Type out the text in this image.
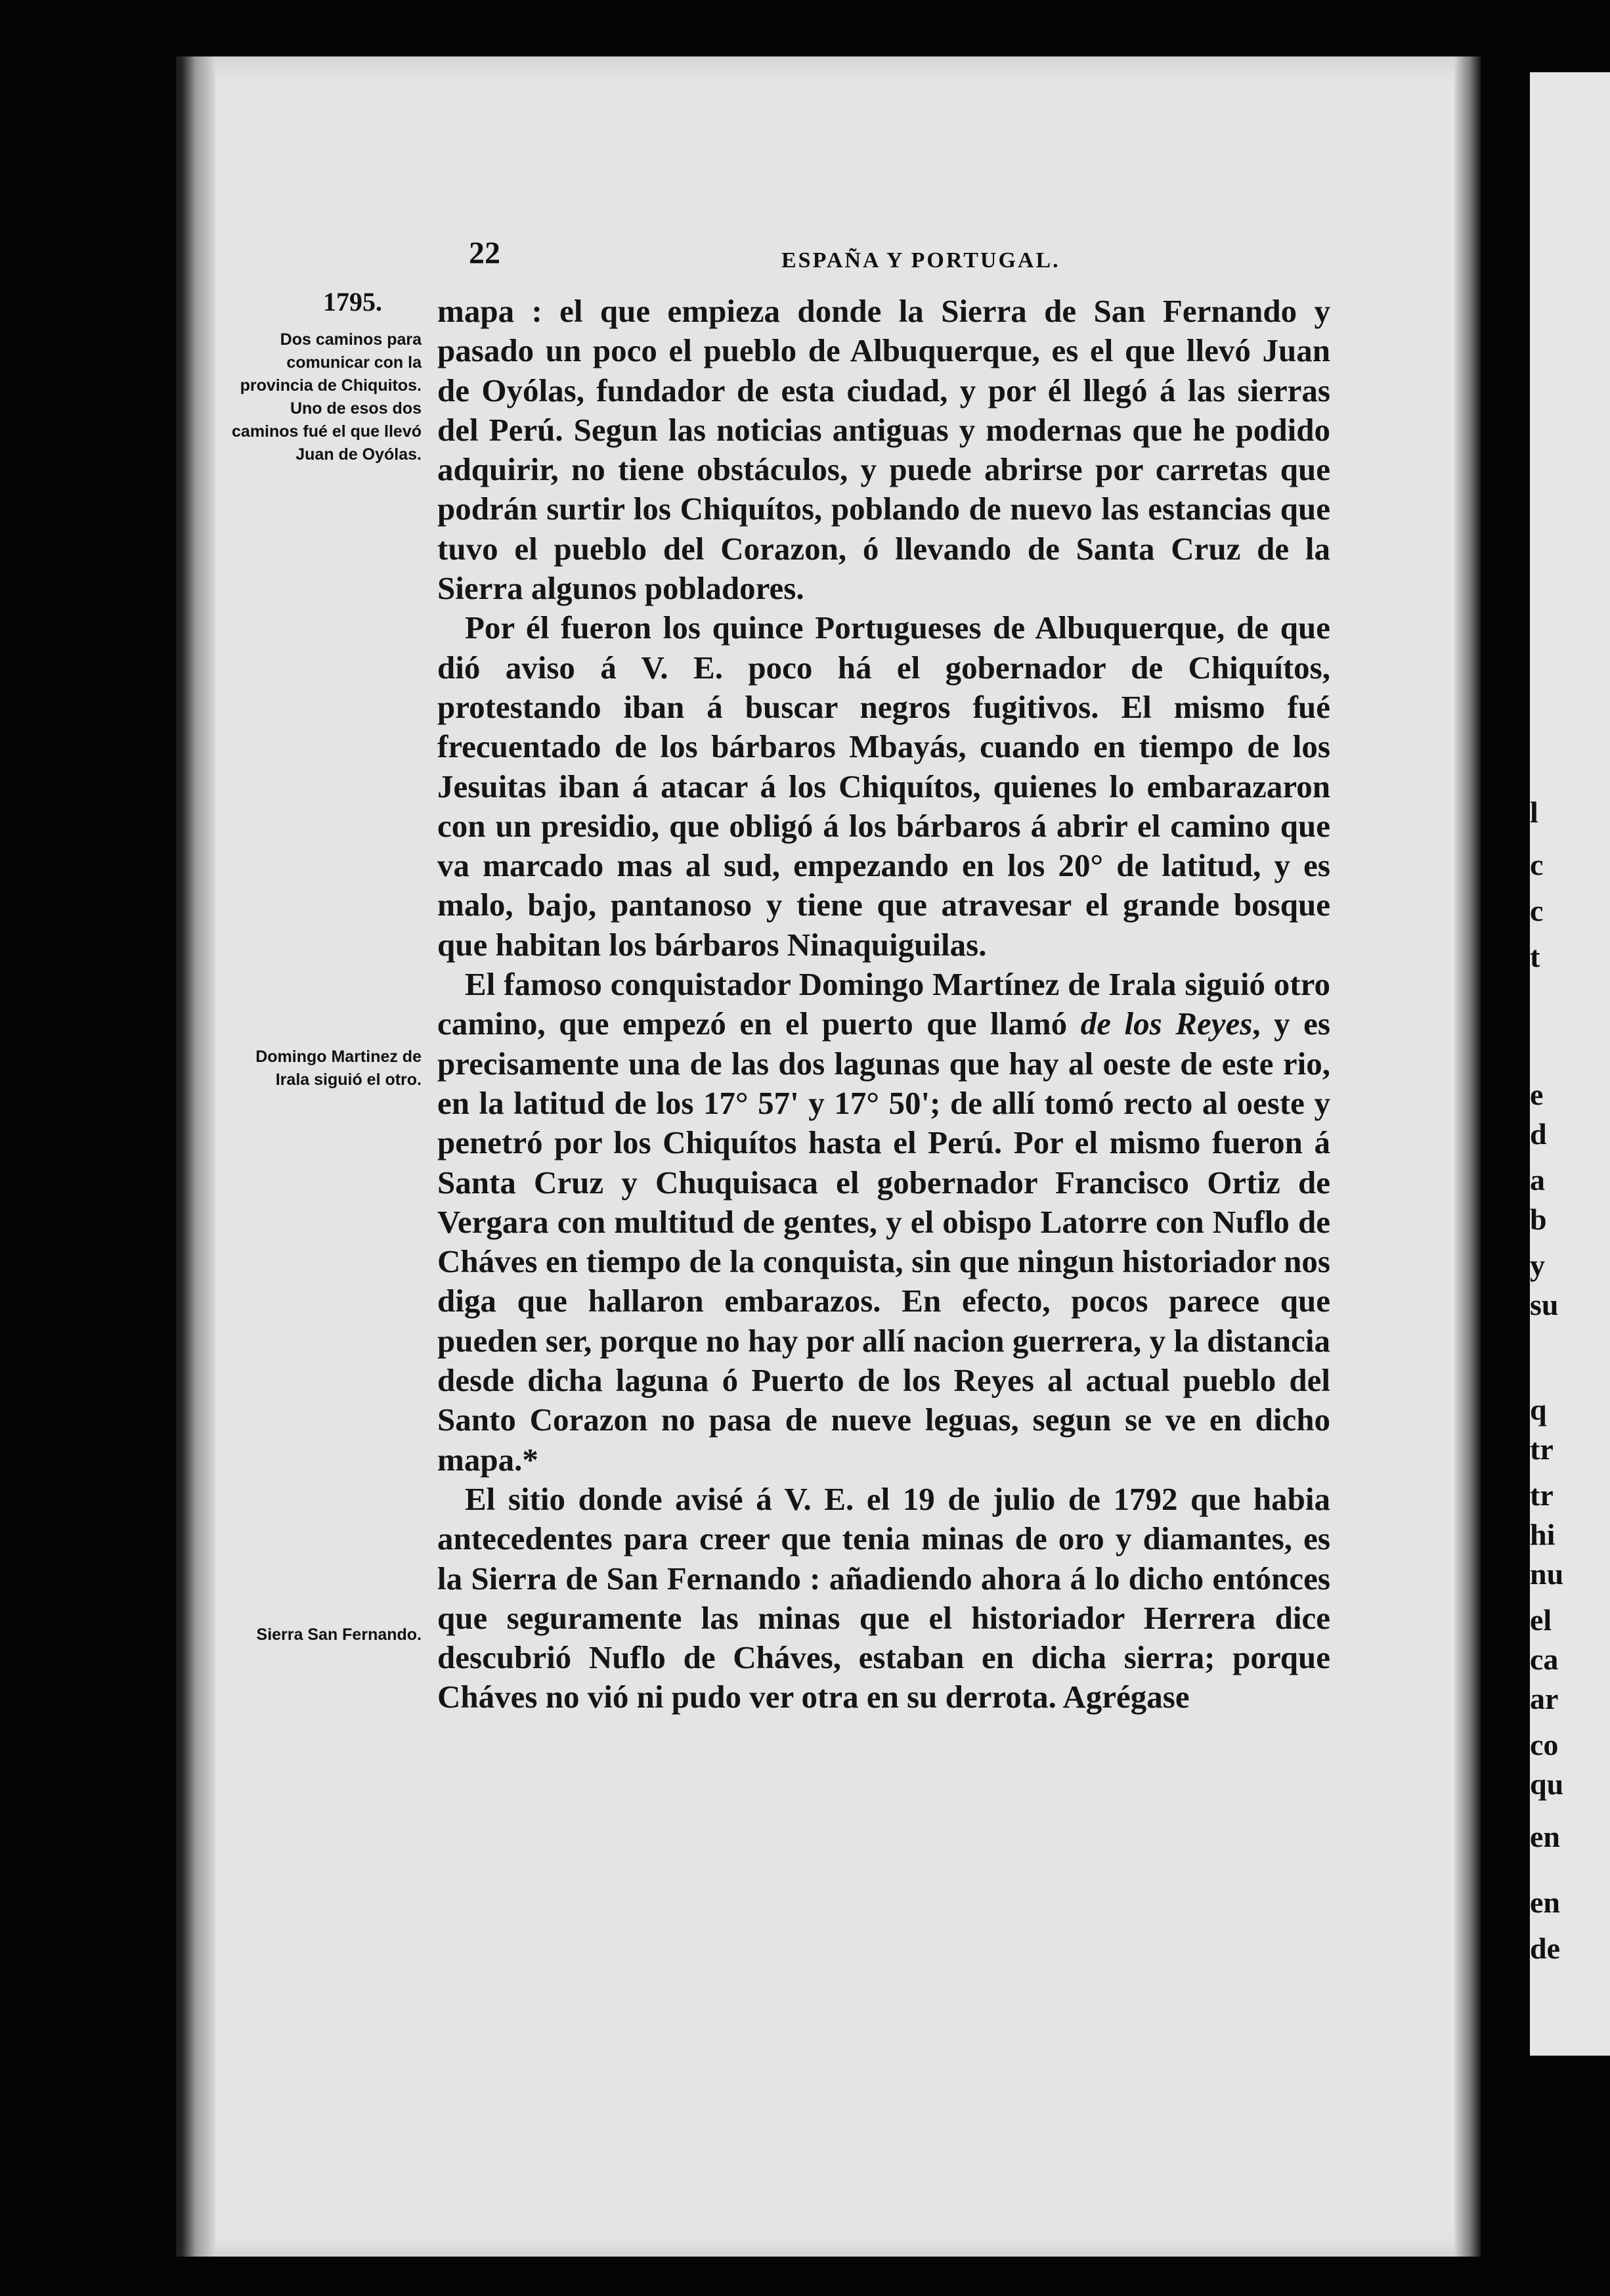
l
c
c
t
e
d
a
b
y
su
q
tr
tr
hi
nu
el
ca
ar
co
qu
en
en
de
22	ESPAÑA Y PORTUGAL.
1795.
Dos caminos para comunicar con la provincia de Chiquitos. Uno de esos dos caminos fué el que llevó Juan de Oyólas.
Domingo Martinez de Irala siguió el otro.
Sierra San Fernando.

mapa : el que empieza donde la Sierra de San Fernando y pasado un poco el pueblo de Albuquerque, es el que llevó Juan de Oyólas, fundador de esta ciudad, y por él llegó á las sierras del Perú. Segun las noticias antiguas y modernas que he podido adquirir, no tiene obstáculos, y puede abrirse por carretas que podrán surtir los Chiquítos, poblando de nuevo las estancias que tuvo el pueblo del Corazon, ó llevando de Santa Cruz de la Sierra algunos pobladores.

Por él fueron los quince Portugueses de Albuquerque, de que dió aviso á V. E. poco há el gobernador de Chiquítos, protestando iban á buscar negros fugitivos. El mismo fué frecuentado de los bárbaros Mbayás, cuando en tiempo de los Jesuitas iban á atacar á los Chiquítos, quienes lo embarazaron con un presidio, que obligó á los bárbaros á abrir el camino que va marcado mas al sud, empezando en los 20° de latitud, y es malo, bajo, pantanoso y tiene que atravesar el grande bosque que habitan los bárbaros Ninaquiguilas.

El famoso conquistador Domingo Martínez de Irala siguió otro camino, que empezó en el puerto que llamó de los Reyes, y es precisamente una de las dos lagunas que hay al oeste de este rio, en la latitud de los 17° 57' y 17° 50'; de allí tomó recto al oeste y penetró por los Chiquítos hasta el Perú. Por el mismo fueron á Santa Cruz y Chuquisaca el gobernador Francisco Ortiz de Vergara con multitud de gentes, y el obispo Latorre con Nuflo de Cháves en tiempo de la conquista, sin que ningun historiador nos diga que hallaron embarazos. En efecto, pocos parece que pueden ser, porque no hay por allí nacion guerrera, y la distancia desde dicha laguna ó Puerto de los Reyes al actual pueblo del Santo Corazon no pasa de nueve leguas, segun se ve en dicho mapa.*

El sitio donde avisé á V. E. el 19 de julio de 1792 que habia antecedentes para creer que tenia minas de oro y diamantes, es la Sierra de San Fernando : añadiendo ahora á lo dicho entónces que seguramente las minas que el historiador Herrera dice descubrió Nuflo de Cháves, estaban en dicha sierra; porque Cháves no vió ni pudo ver otra en su derrota. Agrégase
